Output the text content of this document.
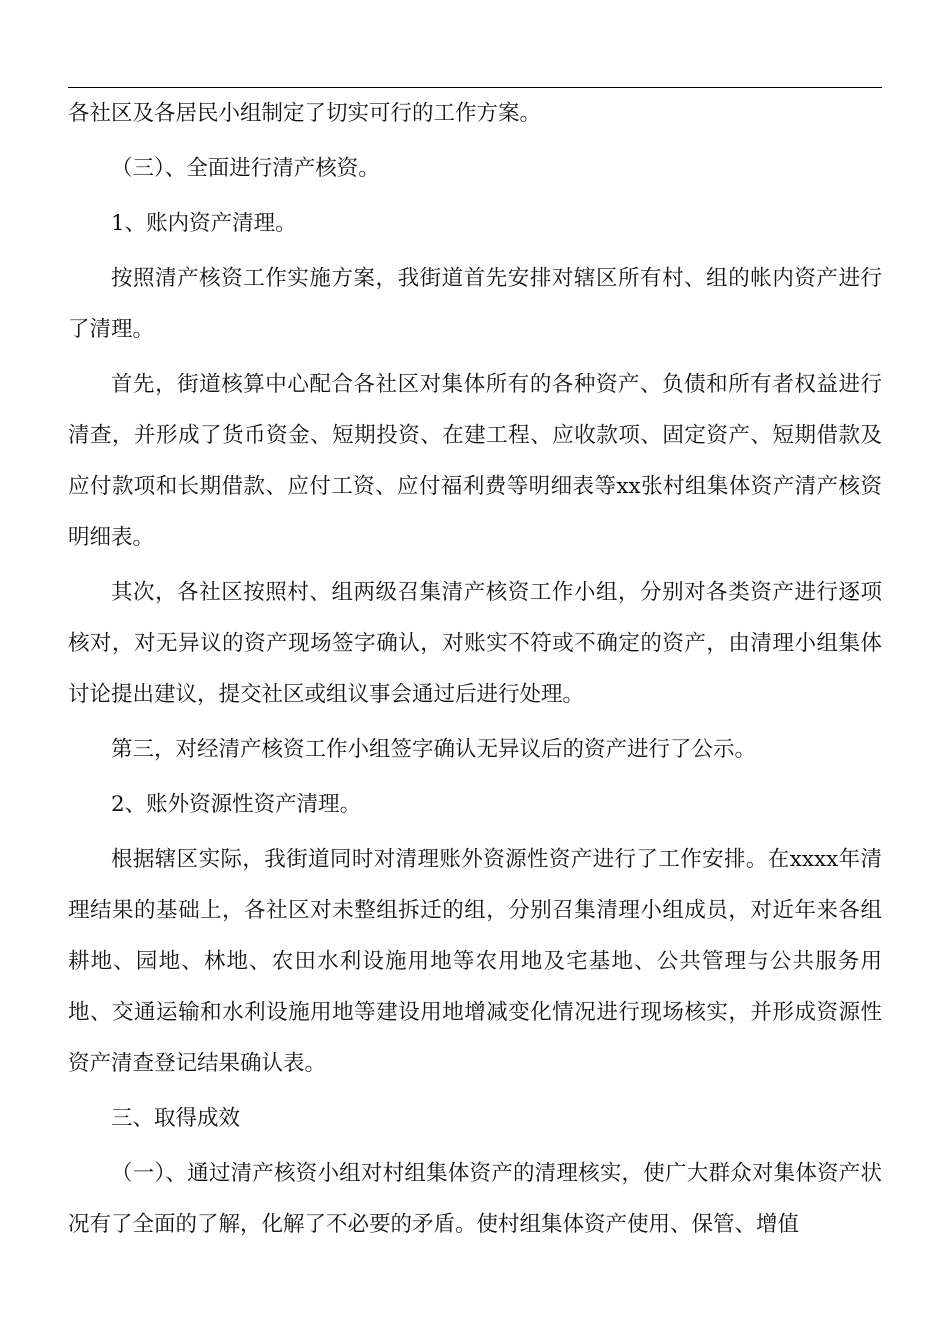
各社区及各居民小组制定了切实可行的工作方案。

（三）、全面进行清产核资。

1、账内资产清理。

按照清产核资工作实施方案，我街道首先安排对辖区所有村、组的帐内资产进行了清理。

首先，街道核算中心配合各社区对集体所有的各种资产、负债和所有者权益进行清查，并形成了货币资金、短期投资、在建工程、应收款项、固定资产、短期借款及应付款项和长期借款、应付工资、应付福利费等明细表等xx张村组集体资产清产核资明细表。

其次，各社区按照村、组两级召集清产核资工作小组，分别对各类资产进行逐项核对，对无异议的资产现场签字确认，对账实不符或不确定的资产，由清理小组集体讨论提出建议，提交社区或组议事会通过后进行处理。

第三，对经清产核资工作小组签字确认无异议后的资产进行了公示。

2、账外资源性资产清理。

根据辖区实际，我街道同时对清理账外资源性资产进行了工作安排。在xxxx年清理结果的基础上，各社区对未整组拆迁的组，分别召集清理小组成员，对近年来各组耕地、园地、林地、农田水利设施用地等农用地及宅基地、公共管理与公共服务用地、交通运输和水利设施用地等建设用地增减变化情况进行现场核实，并形成资源性资产清查登记结果确认表。

三、取得成效

（一）、通过清产核资小组对村组集体资产的清理核实，使广大群众对集体资产状况有了全面的了解，化解了不必要的矛盾。使村组集体资产使用、保管、增值
